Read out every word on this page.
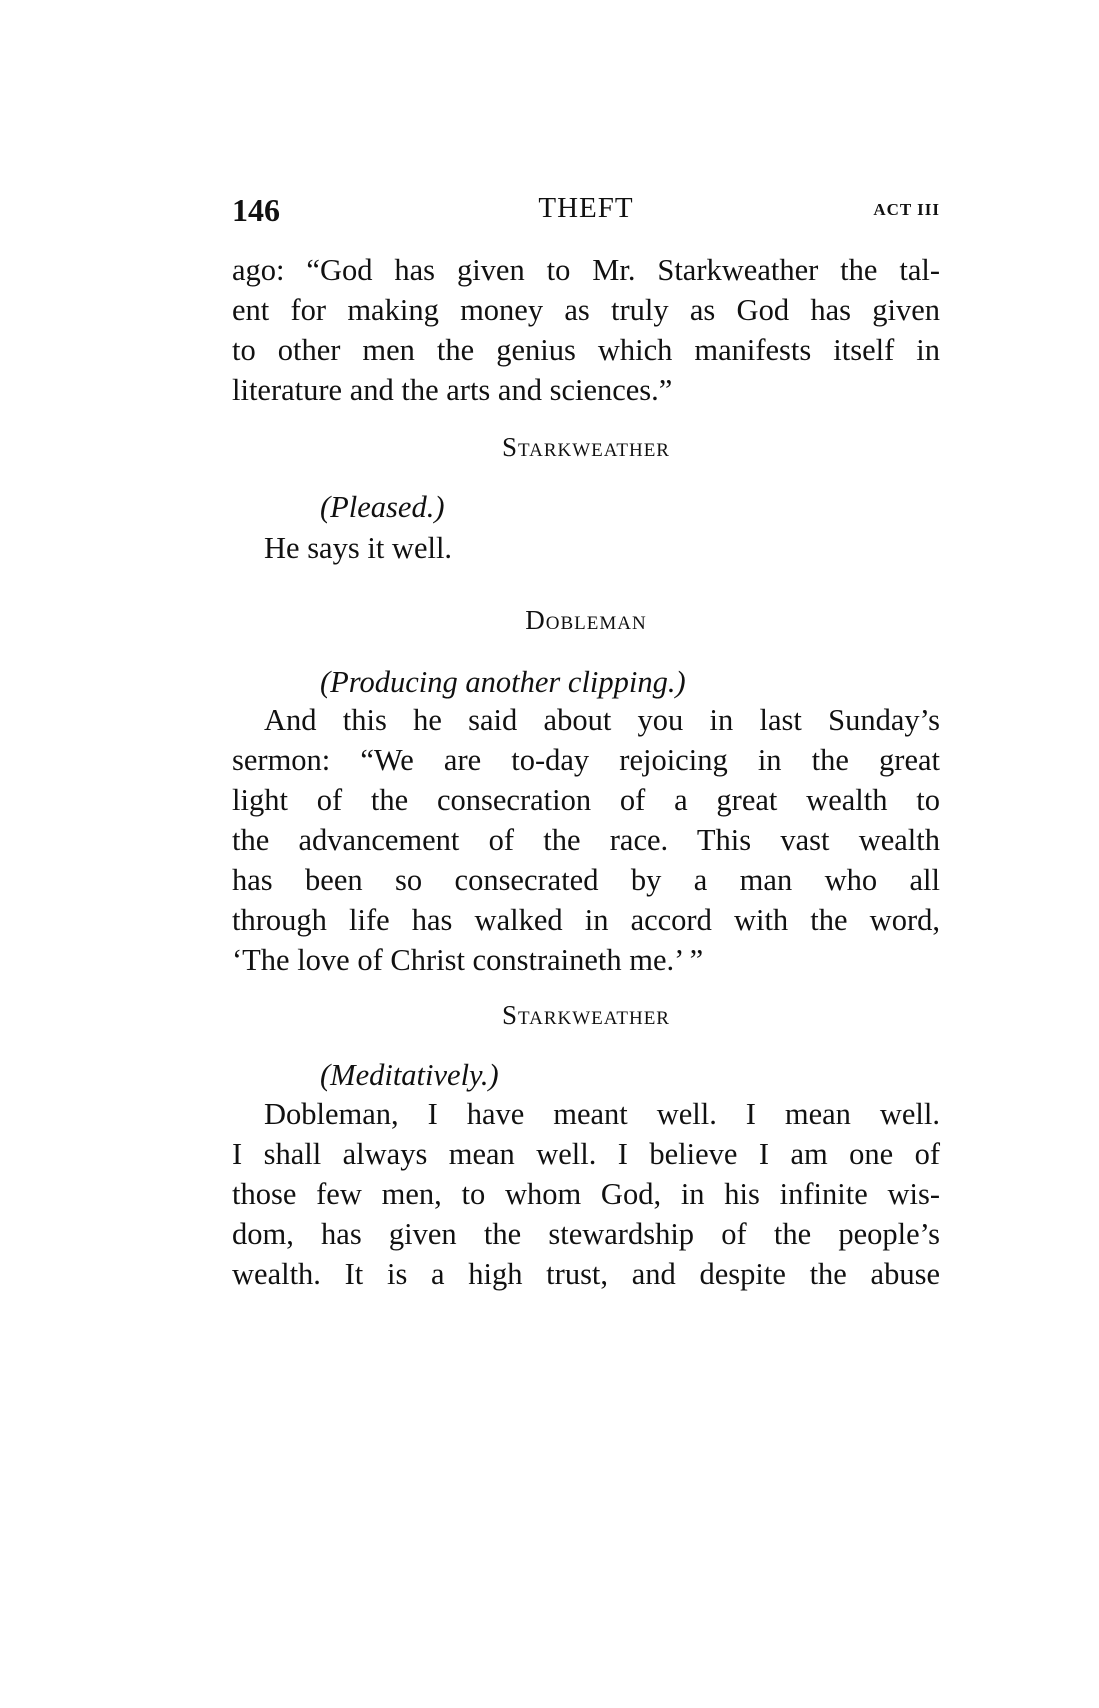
146	THEFT	ACT III
ago: “God has given to Mr. Starkweather the tal-
ent for making money as truly as God has given
to other men the genius which manifests itself in
literature and the arts and sciences.”
Starkweather
(Pleased.)
He says it well.
Dobleman
(Producing another clipping.)
And this he said about you in last Sunday’s
sermon: “We are to-day rejoicing in the great
light of the consecration of a great wealth to
the advancement of the race. This vast wealth
has been so consecrated by a man who all
through life has walked in accord with the word,
‘The love of Christ constraineth me.’ ”
Starkweather
(Meditatively.)
Dobleman, I have meant well. I mean well.
I shall always mean well. I believe I am one of
those few men, to whom God, in his infinite wis-
dom, has given the stewardship of the people’s
wealth. It is a high trust, and despite the abuse
